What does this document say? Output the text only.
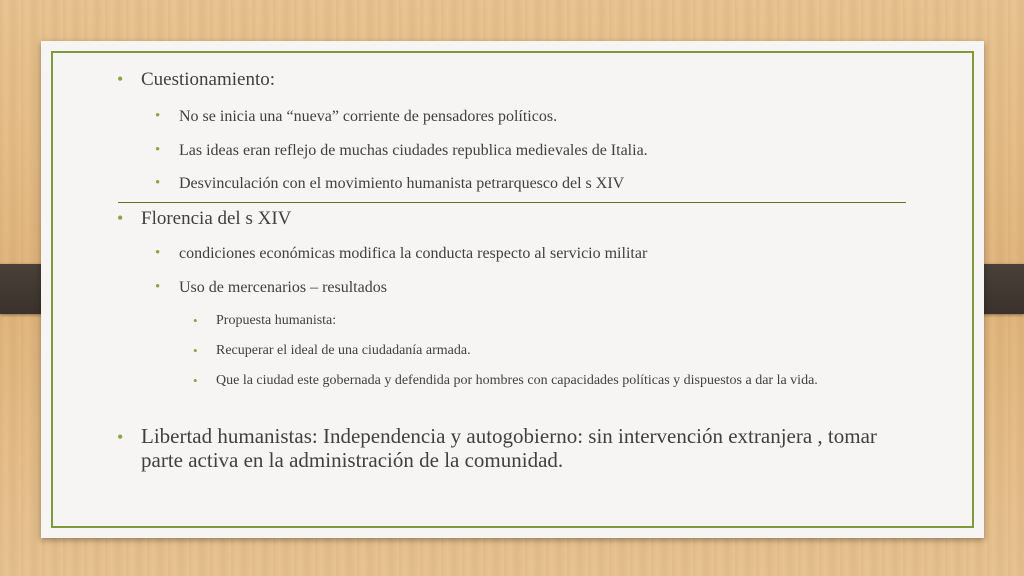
• Cuestionamiento:
• No se inicia una “nueva” corriente de pensadores políticos.
• Las ideas eran reflejo de muchas ciudades republica medievales de Italia.
• Desvinculación con el movimiento humanista petrarquesco del s XIV
• Florencia del s XIV
• condiciones económicas modifica la conducta respecto al servicio militar
• Uso de mercenarios – resultados
• Propuesta humanista:
• Recuperar el ideal de una ciudadanía armada.
• Que la ciudad este gobernada y defendida por hombres con capacidades políticas y dispuestos a dar la vida.
• Libertad humanistas: Independencia y autogobierno: sin intervención extranjera , tomar parte activa en la administración de la comunidad.
